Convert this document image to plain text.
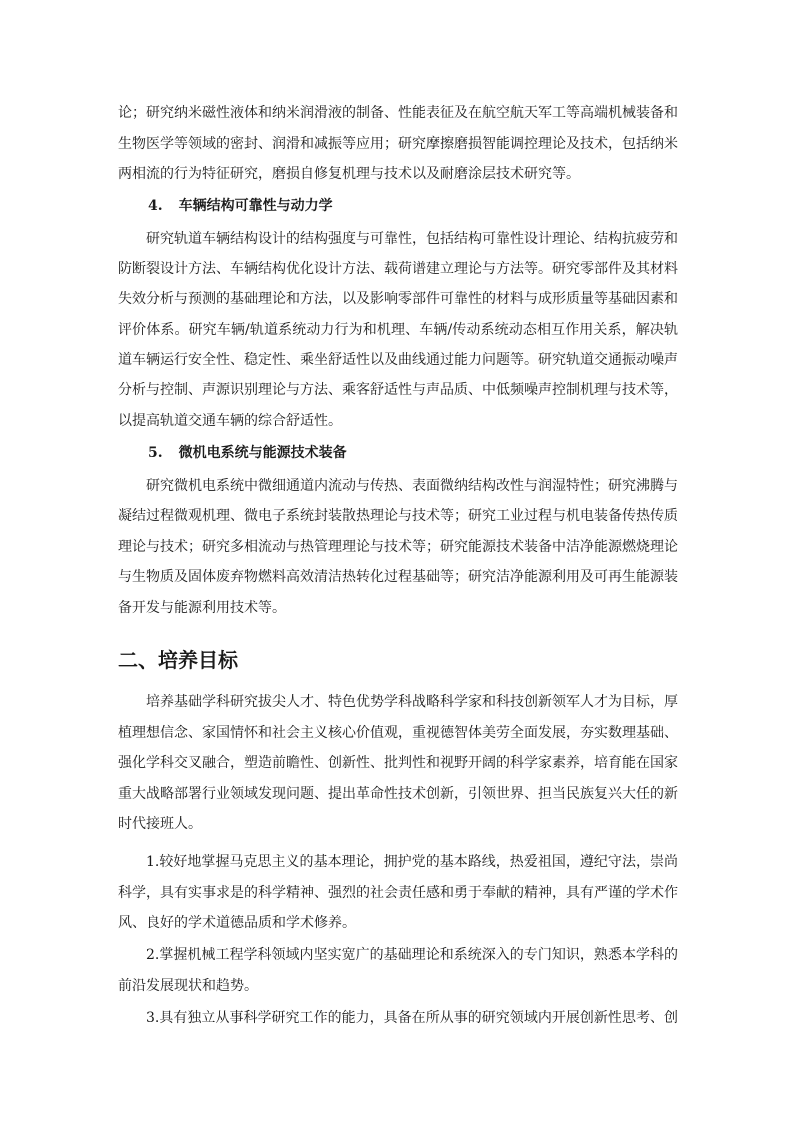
论；研究纳米磁性液体和纳米润滑液的制备、性能表征及在航空航天军工等高端机械装备和

生物医学等领域的密封、润滑和减振等应用；研究摩擦磨损智能调控理论及技术，包括纳米

两相流的行为特征研究，磨损自修复机理与技术以及耐磨涂层技术研究等。

4. 车辆结构可靠性与动力学

研究轨道车辆结构设计的结构强度与可靠性，包括结构可靠性设计理论、结构抗疲劳和

防断裂设计方法、车辆结构优化设计方法、载荷谱建立理论与方法等。研究零部件及其材料

失效分析与预测的基础理论和方法，以及影响零部件可靠性的材料与成形质量等基础因素和

评价体系。研究车辆/轨道系统动力行为和机理、车辆/传动系统动态相互作用关系，解决轨

道车辆运行安全性、稳定性、乘坐舒适性以及曲线通过能力问题等。研究轨道交通振动噪声

分析与控制、声源识别理论与方法、乘客舒适性与声品质、中低频噪声控制机理与技术等，

以提高轨道交通车辆的综合舒适性。

5. 微机电系统与能源技术装备

研究微机电系统中微细通道内流动与传热、表面微纳结构改性与润湿特性；研究沸腾与

凝结过程微观机理、微电子系统封装散热理论与技术等；研究工业过程与机电装备传热传质

理论与技术；研究多相流动与热管理理论与技术等；研究能源技术装备中洁净能源燃烧理论

与生物质及固体废弃物燃料高效清洁热转化过程基础等；研究洁净能源利用及可再生能源装

备开发与能源利用技术等。

二、培养目标

培养基础学科研究拔尖人才、特色优势学科战略科学家和科技创新领军人才为目标，厚

植理想信念、家国情怀和社会主义核心价值观，重视德智体美劳全面发展，夯实数理基础、

强化学科交叉融合，塑造前瞻性、创新性、批判性和视野开阔的科学家素养，培育能在国家

重大战略部署行业领域发现问题、提出革命性技术创新，引领世界、担当民族复兴大任的新

时代接班人。

1.较好地掌握马克思主义的基本理论，拥护党的基本路线，热爱祖国，遵纪守法，崇尚

科学，具有实事求是的科学精神、强烈的社会责任感和勇于奉献的精神，具有严谨的学术作

风、良好的学术道德品质和学术修养。

2.掌握机械工程学科领域内坚实宽广的基础理论和系统深入的专门知识，熟悉本学科的

前沿发展现状和趋势。

3.具有独立从事科学研究工作的能力，具备在所从事的研究领域内开展创新性思考、创
